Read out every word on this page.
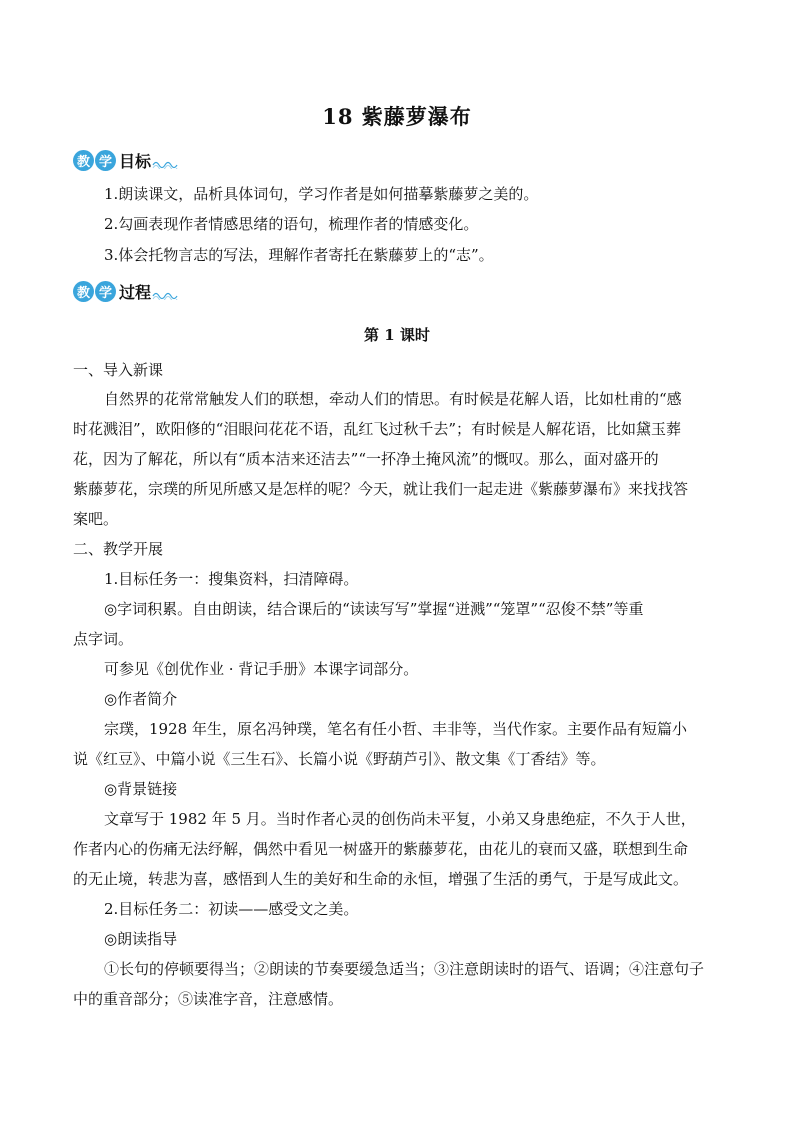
18 紫藤萝瀑布
教 学 目标
1.朗读课文，品析具体词句，学习作者是如何描摹紫藤萝之美的。
2.勾画表现作者情感思绪的语句，梳理作者的情感变化。
3.体会托物言志的写法，理解作者寄托在紫藤萝上的“志”。
教 学 过程
第 1 课时
一、导入新课
自然界的花常常触发人们的联想，牵动人们的情思。有时候是花解人语，比如杜甫的“感
时花溅泪”，欧阳修的“泪眼问花花不语，乱红飞过秋千去”；有时候是人解花语，比如黛玉葬
花，因为了解花，所以有“质本洁来还洁去”“一抔净土掩风流”的慨叹。那么，面对盛开的
紫藤萝花，宗璞的所见所感又是怎样的呢？今天，就让我们一起走进《紫藤萝瀑布》来找找答
案吧。
二、教学开展
1.目标任务一：搜集资料，扫清障碍。
◎字词积累。自由朗读，结合课后的“读读写写”掌握“迸溅”“笼罩”“忍俊不禁”等重
点字词。
可参见《创优作业 · 背记手册》本课字词部分。
◎作者简介
宗璞，1928 年生，原名冯钟璞，笔名有任小哲、丰非等，当代作家。主要作品有短篇小
说《红豆》、中篇小说《三生石》、长篇小说《野葫芦引》、散文集《丁香结》等。
◎背景链接
文章写于 1982 年 5 月。当时作者心灵的创伤尚未平复，小弟又身患绝症，不久于人世，
作者内心的伤痛无法纾解，偶然中看见一树盛开的紫藤萝花，由花儿的衰而又盛，联想到生命
的无止境，转悲为喜，感悟到人生的美好和生命的永恒，增强了生活的勇气，于是写成此文。
2.目标任务二：初读——感受文之美。
◎朗读指导
①长句的停顿要得当；②朗读的节奏要缓急适当；③注意朗读时的语气、语调；④注意句子
中的重音部分；⑤读准字音，注意感情。
